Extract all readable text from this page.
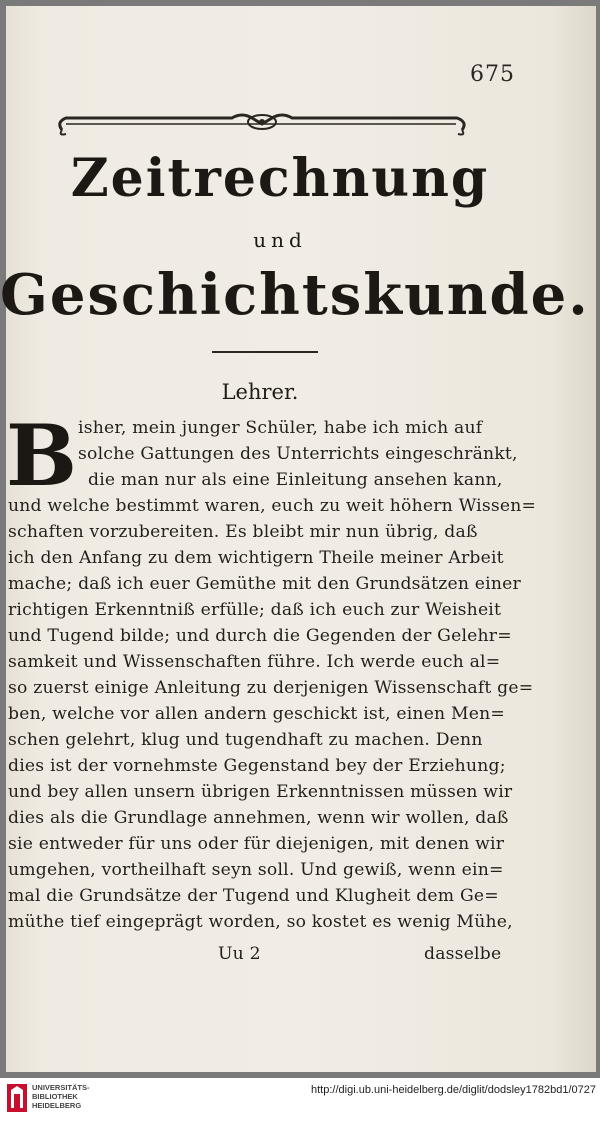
675
Zeitrechnung
und
Geschichtskunde.
Lehrer.
B isher, mein junger Schüler, habe ich mich auf
solche Gattungen des Unterrichts eingeschränkt,
die man nur als eine Einleitung ansehen kann,
und welche bestimmt waren, euch zu weit höhern Wissen=
schaften vorzubereiten. Es bleibt mir nun übrig, daß
ich den Anfang zu dem wichtigern Theile meiner Arbeit
mache; daß ich euer Gemüthe mit den Grundsätzen einer
richtigen Erkenntniß erfülle; daß ich euch zur Weisheit
und Tugend bilde; und durch die Gegenden der Gelehr=
samkeit und Wissenschaften führe. Ich werde euch al=
so zuerst einige Anleitung zu derjenigen Wissenschaft ge=
ben, welche vor allen andern geschickt ist, einen Men=
schen gelehrt, klug und tugendhaft zu machen. Denn
dies ist der vornehmste Gegenstand bey der Erziehung;
und bey allen unsern übrigen Erkenntnissen müssen wir
dies als die Grundlage annehmen, wenn wir wollen, daß
sie entweder für uns oder für diejenigen, mit denen wir
umgehen, vortheilhaft seyn soll. Und gewiß, wenn ein=
mal die Grundsätze der Tugend und Klugheit dem Ge=
müthe tief eingeprägt worden, so kostet es wenig Mühe,
Uu 2	dasselbe
UNIVERSITÄTS-
BIBLIOTHEK
HEIDELBERG
http://digi.ub.uni-heidelberg.de/diglit/dodsley1782bd1/0727
